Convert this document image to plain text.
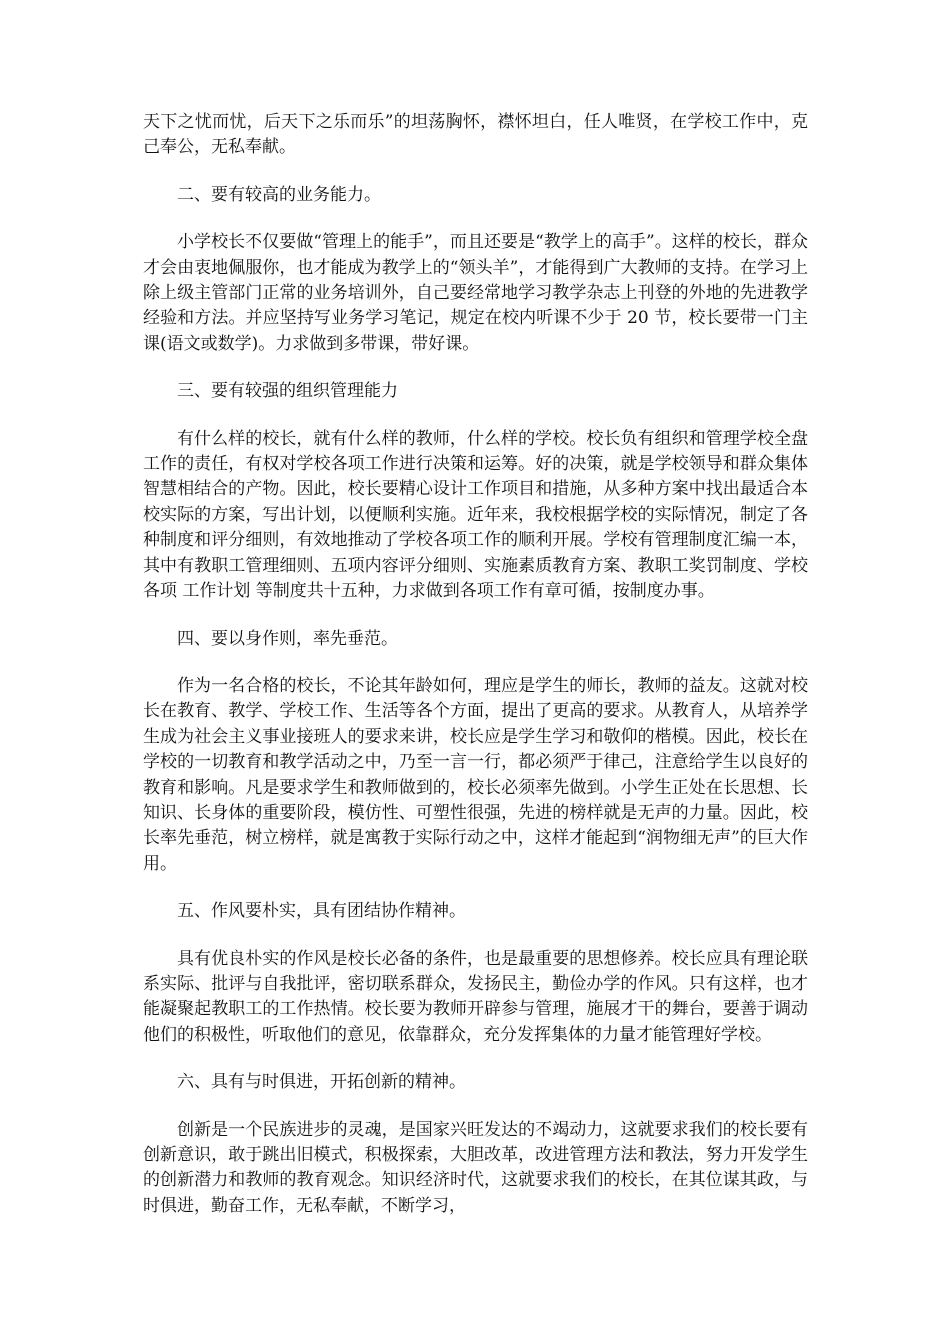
天下之忧而忧，后天下之乐而乐”的坦荡胸怀，襟怀坦白，任人唯贤，在学校工作中，克己奉公，无私奉献。

二、要有较高的业务能力。

小学校长不仅要做“管理上的能手”，而且还要是“教学上的高手”。这样的校长，群众才会由衷地佩服你，也才能成为教学上的“领头羊”，才能得到广大教师的支持。在学习上除上级主管部门正常的业务培训外，自己要经常地学习教学杂志上刊登的外地的先进教学经验和方法。并应坚持写业务学习笔记，规定在校内听课不少于 20 节，校长要带一门主课(语文或数学)。力求做到多带课，带好课。

三、要有较强的组织管理能力

有什么样的校长，就有什么样的教师，什么样的学校。校长负有组织和管理学校全盘工作的责任，有权对学校各项工作进行决策和运筹。好的决策，就是学校领导和群众集体智慧相结合的产物。因此，校长要精心设计工作项目和措施，从多种方案中找出最适合本校实际的方案，写出计划，以便顺利实施。近年来，我校根据学校的实际情况，制定了各种制度和评分细则，有效地推动了学校各项工作的顺利开展。学校有管理制度汇编一本，其中有教职工管理细则、五项内容评分细则、实施素质教育方案、教职工奖罚制度、学校各项 工作计划 等制度共十五种，力求做到各项工作有章可循，按制度办事。

四、要以身作则，率先垂范。

作为一名合格的校长，不论其年龄如何，理应是学生的师长，教师的益友。这就对校长在教育、教学、学校工作、生活等各个方面，提出了更高的要求。从教育人，从培养学生成为社会主义事业接班人的要求来讲，校长应是学生学习和敬仰的楷模。因此，校长在学校的一切教育和教学活动之中，乃至一言一行，都必须严于律己，注意给学生以良好的教育和影响。凡是要求学生和教师做到的，校长必须率先做到。小学生正处在长思想、长知识、长身体的重要阶段，模仿性、可塑性很强，先进的榜样就是无声的力量。因此，校长率先垂范，树立榜样，就是寓教于实际行动之中，这样才能起到“润物细无声”的巨大作用。

五、作风要朴实，具有团结协作精神。

具有优良朴实的作风是校长必备的条件，也是最重要的思想修养。校长应具有理论联系实际、批评与自我批评，密切联系群众，发扬民主，勤俭办学的作风。只有这样，也才能凝聚起教职工的工作热情。校长要为教师开辟参与管理，施展才干的舞台，要善于调动他们的积极性，听取他们的意见，依靠群众，充分发挥集体的力量才能管理好学校。

六、具有与时俱进，开拓创新的精神。

创新是一个民族进步的灵魂，是国家兴旺发达的不竭动力，这就要求我们的校长要有创新意识，敢于跳出旧模式，积极探索，大胆改革，改进管理方法和教法，努力开发学生的创新潜力和教师的教育观念。知识经济时代，这就要求我们的校长，在其位谋其政，与时俱进，勤奋工作，无私奉献，不断学习，
